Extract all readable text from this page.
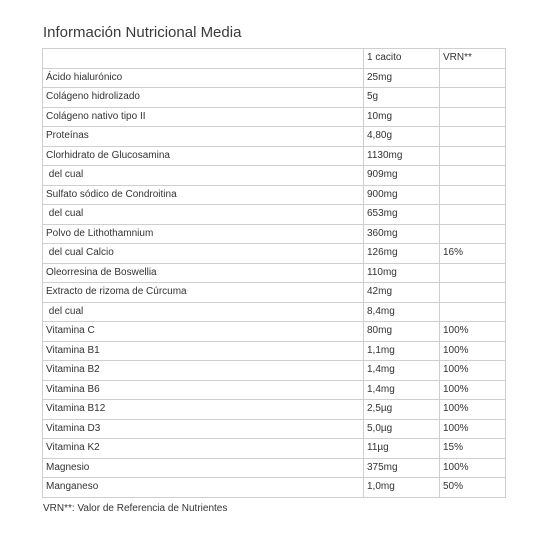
Información Nutricional Media
	1 cacito	VRN**
Ácido hialurónico	25mg	
Colágeno hidrolizado	5g	
Colágeno nativo tipo II	10mg	
Proteínas	4,80g	
Clorhidrato de Glucosamina	1130mg	
del cual	909mg	
Sulfato sódico de Condroitina	900mg	
del cual	653mg	
Polvo de Lithothamnium	360mg	
del cual Calcio	126mg	16%
Oleorresina de Boswellia	110mg	
Extracto de rizoma de Cúrcuma	42mg	
del cual	8,4mg	
Vitamina C	80mg	100%
Vitamina B1	1,1mg	100%
Vitamina B2	1,4mg	100%
Vitamina B6	1,4mg	100%
Vitamina B12	2,5µg	100%
Vitamina D3	5,0µg	100%
Vitamina K2	11µg	15%
Magnesio	375mg	100%
Manganeso	1,0mg	50%

VRN**: Valor de Referencia de Nutrientes
